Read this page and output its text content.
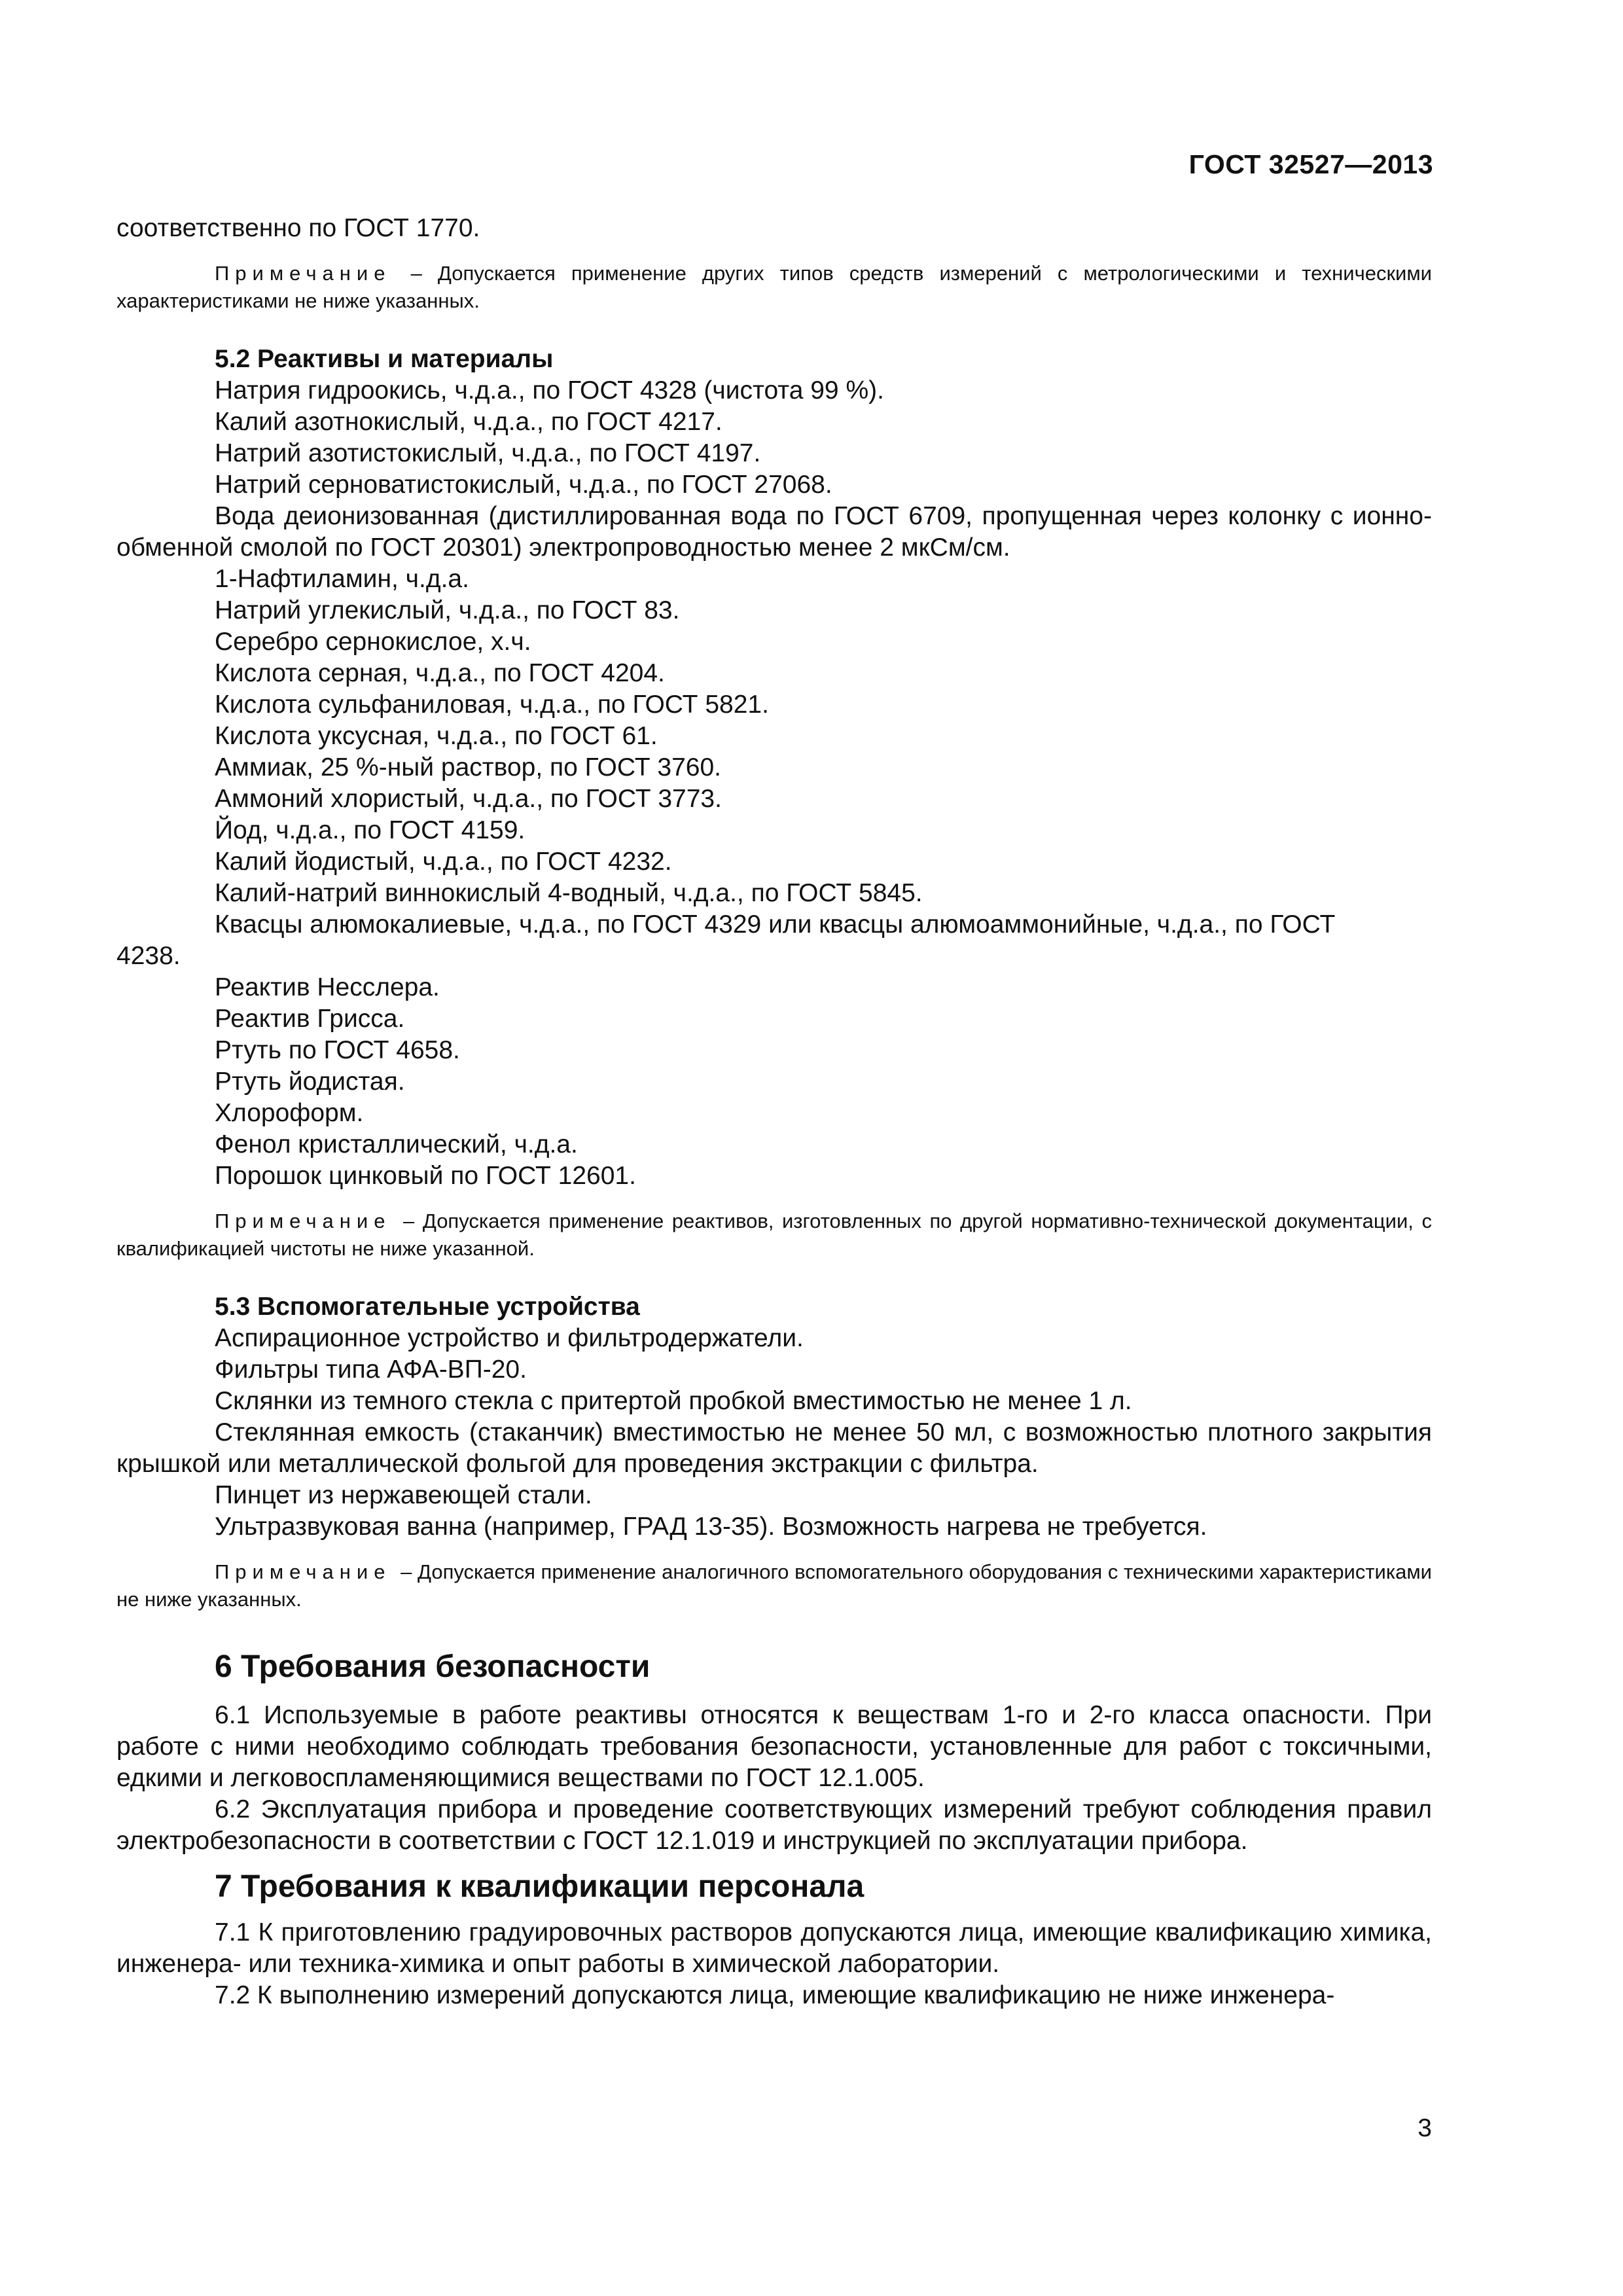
ГОСТ 32527—2013

соответственно по ГОСТ 1770.

Примечание – Допускается применение других типов средств измерений с метрологическими и техническими характеристиками не ниже указанных.

5.2 Реактивы и материалы

Натрия гидроокись, ч.д.а., по ГОСТ 4328 (чистота 99 %).

Калий азотнокислый, ч.д.а., по ГОСТ 4217.

Натрий азотистокислый, ч.д.а., по ГОСТ 4197.

Натрий серноватистокислый, ч.д.а., по ГОСТ 27068.

Вода деионизованная (дистиллированная вода по ГОСТ 6709, пропущенная через колонку с ионно-обменной смолой по ГОСТ 20301) электропроводностью менее 2 мкСм/см.

1-Нафтиламин, ч.д.а.

Натрий углекислый, ч.д.а., по ГОСТ 83.

Серебро сернокислое, х.ч.

Кислота серная, ч.д.а., по ГОСТ 4204.

Кислота сульфаниловая, ч.д.а., по ГОСТ 5821.

Кислота уксусная, ч.д.а., по ГОСТ 61.

Аммиак, 25 %-ный раствор, по ГОСТ 3760.

Аммоний хлористый, ч.д.а., по ГОСТ 3773.

Йод, ч.д.а., по ГОСТ 4159.

Калий йодистый, ч.д.а., по ГОСТ 4232.

Калий-натрий виннокислый 4-водный, ч.д.а., по ГОСТ 5845.

Квасцы алюмокалиевые, ч.д.а., по ГОСТ 4329 или квасцы алюмоаммонийные, ч.д.а., по ГОСТ

4238.

Реактив Несслера.

Реактив Грисса.

Ртуть по ГОСТ 4658.

Ртуть йодистая.

Хлороформ.

Фенол кристаллический, ч.д.а.

Порошок цинковый по ГОСТ 12601.

Примечание – Допускается применение реактивов, изготовленных по другой нормативно-технической документации, с квалификацией чистоты не ниже указанной.

5.3 Вспомогательные устройства

Аспирационное устройство и фильтродержатели.

Фильтры типа АФА-ВП-20.

Склянки из темного стекла с притертой пробкой вместимостью не менее 1 л.

Стеклянная емкость (стаканчик) вместимостью не менее 50 мл, с возможностью плотного закрытия крышкой или металлической фольгой для проведения экстракции с фильтра.

Пинцет из нержавеющей стали.

Ультразвуковая ванна (например, ГРАД 13-35). Возможность нагрева не требуется.

Примечание – Допускается применение аналогичного вспомогательного оборудования с техническими характеристиками не ниже указанных.

6 Требования безопасности

6.1 Используемые в работе реактивы относятся к веществам 1-го и 2-го класса опасности. При работе с ними необходимо соблюдать требования безопасности, установленные для работ с токсичными, едкими и легковоспламеняющимися веществами по ГОСТ 12.1.005.

6.2 Эксплуатация прибора и проведение соответствующих измерений требуют соблюдения правил электробезопасности в соответствии с ГОСТ 12.1.019 и инструкцией по эксплуатации прибора.

7 Требования к квалификации персонала

7.1 К приготовлению градуировочных растворов допускаются лица, имеющие квалификацию химика, инженера- или техника-химика и опыт работы в химической лаборатории.

7.2 К выполнению измерений допускаются лица, имеющие квалификацию не ниже инженера-

3
